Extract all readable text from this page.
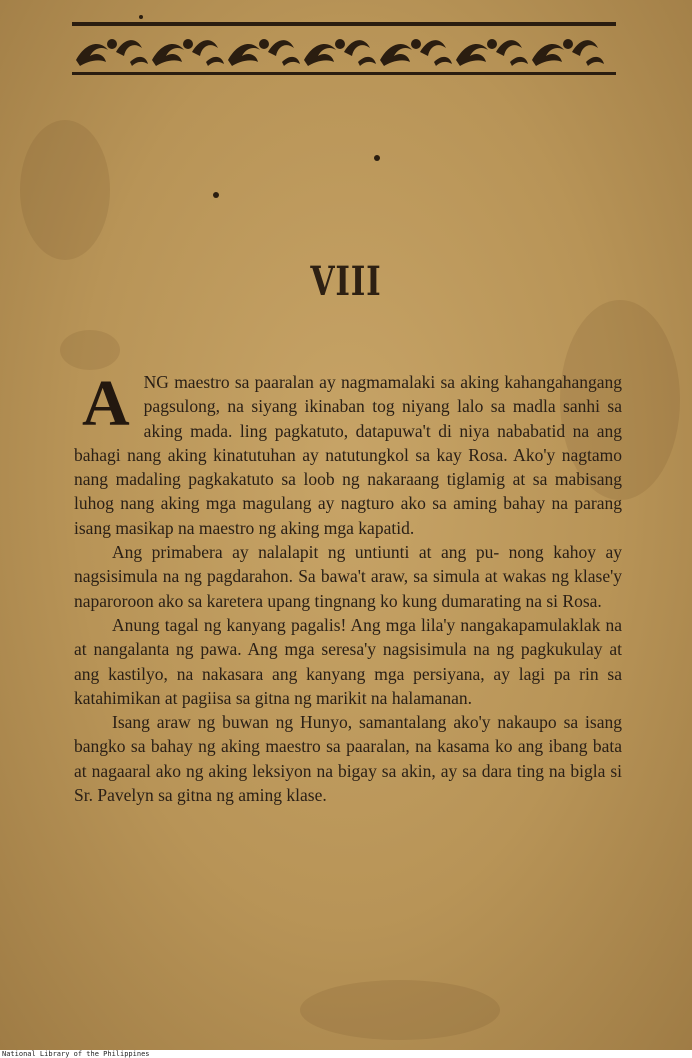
VIII

ANG maestro sa paaralan ay nagmamalaki sa aking kahangahangang pagsulong, na siyang ikinaban tog niyang lalo sa madla sanhi sa aking mada. ling pagkatuto, datapuwa't di niya nababatid na ang bahagi nang aking kinatutuhan ay natutungkol sa kay Rosa. Ako'y nagtamo nang madaling pagkakatuto sa loob ng nakaraang tiglamig at sa mabisang luhog nang aking mga magulang ay nagturo ako sa aming bahay na parang isang masikap na maestro ng aking mga kapatid.

Ang primabera ay nalalapit ng untiunti at ang pu- nong kahoy ay nagsisimula na ng pagdarahon. Sa bawa't araw, sa simula at wakas ng klase'y naparoroon ako sa karetera upang tingnang ko kung dumarating na si Rosa.

Anung tagal ng kanyang pagalis! Ang mga lila'y nangakapamulaklak na at nangalanta ng pawa. Ang mga seresa'y nagsisimula na ng pagkukulay at ang kastilyo, na nakasara ang kanyang mga persiyana, ay lagi pa rin sa katahimikan at pagiisa sa gitna ng marikit na halamanan.

Isang araw ng buwan ng Hunyo, samantalang ako'y nakaupo sa isang bangko sa bahay ng aking maestro sa paaralan, na kasama ko ang ibang bata at nagaaral ako ng aking leksiyon na bigay sa akin, ay sa dara ting na bigla si Sr. Pavelyn sa gitna ng aming klase.

National Library of the Philippines
